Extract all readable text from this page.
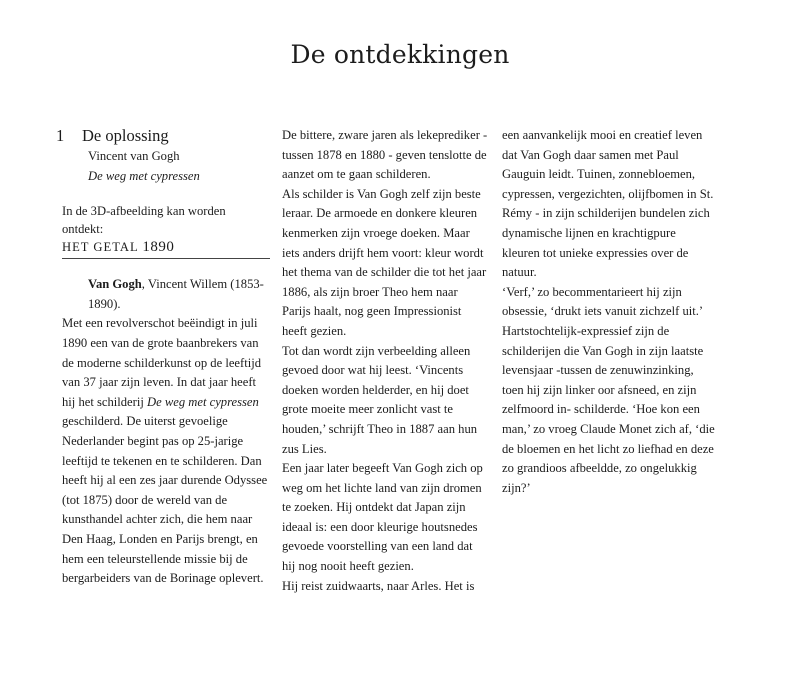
De ontdekkingen
1 De oplossing

Vincent van Gogh

De weg met cypressen

In de 3D-afbeelding kan worden ontdekt:

HET GETAL 1890

Van Gogh, Vincent Willem (1853-1890).

Met een revolverschot beëindigt in juli 1890 een van de grote baanbrekers van de moderne schilderkunst op de leeftijd van 37 jaar zijn leven. In dat jaar heeft hij het schilderij De weg met cypressen geschilderd. De uiterst gevoelige Nederlander begint pas op 25-jarige leeftijd te tekenen en te schilderen. Dan heeft hij al een zes jaar durende Odyssee (tot 1875) door de wereld van de kunsthandel achter zich, die hem naar Den Haag, Londen en Parijs brengt, en hem een teleurstellende missie bij de bergarbeiders van de Borinage oplevert.

De bittere, zware jaren als lekeprediker - tussen 1878 en 1880 - geven tenslotte de aanzet om te gaan schilderen.

Als schilder is Van Gogh zelf zijn beste leraar. De armoede en donkere kleuren kenmerken zijn vroege doeken. Maar iets anders drijft hem voort: kleur wordt het thema van de schilder die tot het jaar 1886, als zijn broer Theo hem naar Parijs haalt, nog geen Impressionist heeft gezien.

Tot dan wordt zijn verbeelding alleen gevoed door wat hij leest. ‘Vincents doeken worden helderder, en hij doet grote moeite meer zonlicht vast te houden,’ schrijft Theo in 1887 aan hun zus Lies.

Een jaar later begeeft Van Gogh zich op weg om het lichte land van zijn dromen te zoeken. Hij ontdekt dat Japan zijn ideaal is: een door kleurige houtsnedes gevoede voorstelling van een land dat hij nog nooit heeft gezien.

Hij reist zuidwaarts, naar Arles. Het is

een aanvankelijk mooi en creatief leven dat Van Gogh daar samen met Paul Gauguin leidt. Tuinen, zonnebloemen, cypressen, vergezichten, olijfbomen in St. Rémy - in zijn schilderijen bundelen zich dynamische lijnen en krachtigpure kleuren tot unieke expressies over de natuur.

‘Verf,’ zo becommentarieert hij zijn obsessie, ‘drukt iets vanuit zichzelf uit.’ Hartstochtelijk-expressief zijn de schilderijen die Van Gogh in zijn laatste levensjaar -tussen de zenuwinzinking, toen hij zijn linker oor afsneed, en zijn zelfmoord in- schilderde. ‘Hoe kon een man,’ zo vroeg Claude Monet zich af, ‘die de bloemen en het licht zo liefhad en deze zo grandioos afbeeldde, zo ongelukkig zijn?’
